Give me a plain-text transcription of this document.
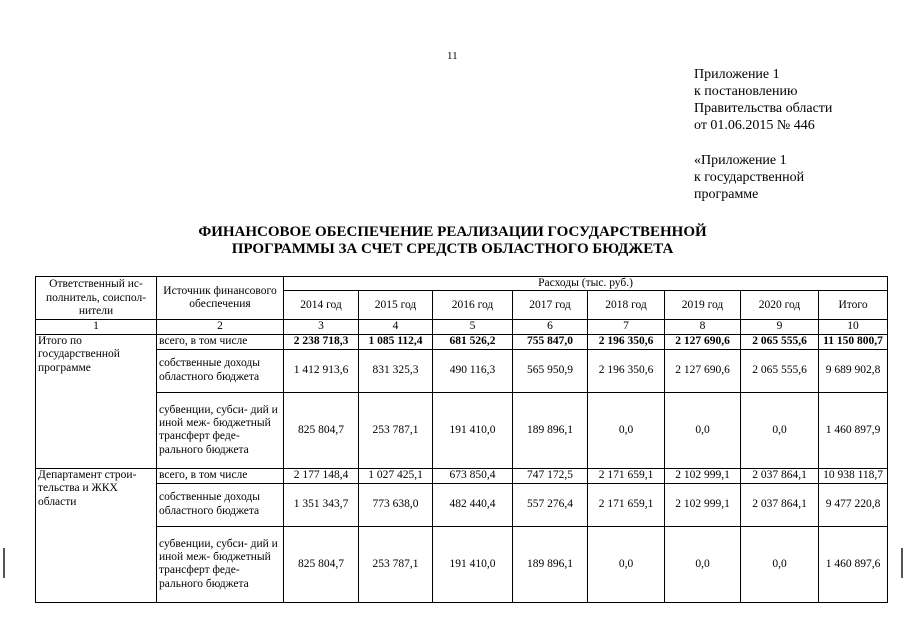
11
Приложение 1
к постановлению
Правительства области
от 01.06.2015 № 446
«Приложение 1
к государственной
программе
ФИНАНСОВОЕ ОБЕСПЕЧЕНИЕ РЕАЛИЗАЦИИ ГОСУДАРСТВЕННОЙ
ПРОГРАММЫ ЗА СЧЕТ СРЕДСТВ ОБЛАСТНОГО БЮДЖЕТА
Ответственный ис- полнитель, соиспол- нители	Источник финансового обеспечения	Расходы (тыс. руб.)							
		2014 год	2015 год	2016 год	2017 год	2018 год	2019 год	2020 год	Итого
1	2	3	4	5	6	7	8	9	10
Итого по государственной программе	всего, в том числе	2 238 718,3	1 085 112,4	681 526,2	755 847,0	2 196 350,6	2 127 690,6	2 065 555,6	11 150 800,7
	собственные доходы областного бюджета	1 412 913,6	831 325,3	490 116,3	565 950,9	2 196 350,6	2 127 690,6	2 065 555,6	9 689 902,8
	субвенции, субси- дий и иной меж- бюджетный трансферт феде- рального бюджета	825 804,7	253 787,1	191 410,0	189 896,1	0,0	0,0	0,0	1 460 897,9
Департамент строи- тельства и ЖКХ области	всего, в том числе	2 177 148,4	1 027 425,1	673 850,4	747 172,5	2 171 659,1	2 102 999,1	2 037 864,1	10 938 118,7
	собственные доходы областного бюджета	1 351 343,7	773 638,0	482 440,4	557 276,4	2 171 659,1	2 102 999,1	2 037 864,1	9 477 220,8
	субвенции, субси- дий и иной меж- бюджетный трансферт феде- рального бюджета	825 804,7	253 787,1	191 410,0	189 896,1	0,0	0,0	0,0	1 460 897,6
